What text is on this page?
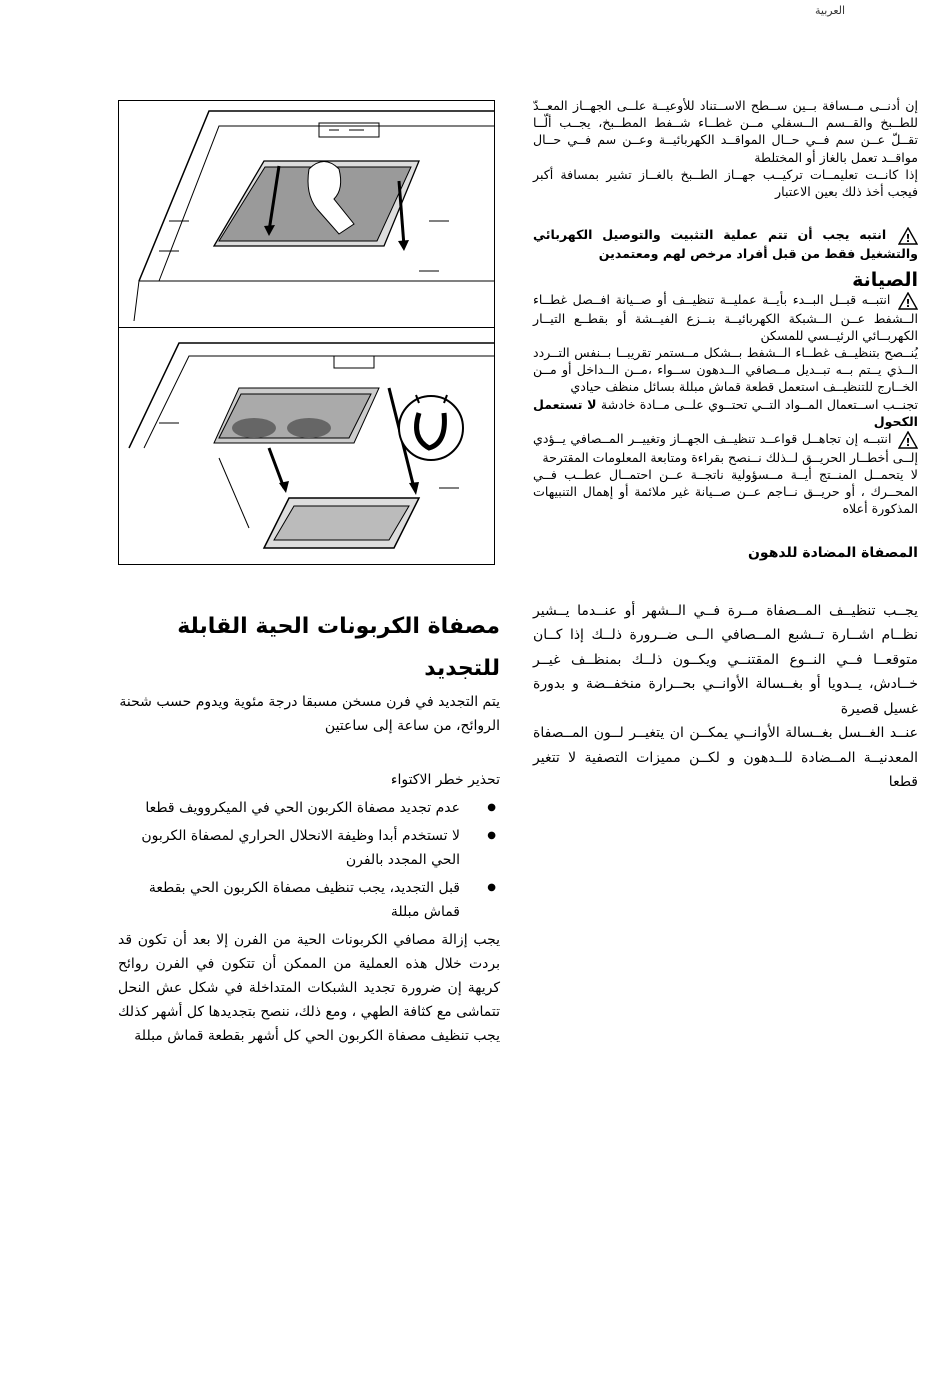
العربية

إن أدنــى مــسافة بــين ســطح الاســتناد للأوعيــة علــى الجهــاز المعــدّ للطــبخ والقــسم الــسفلي مــن غطــاء شــفط المطــبخ، يجــب ألّــا تقــلّ عــن سم فــي حــال المواقــد الكهربائيــة وعــن سم فــي حــال مواقــد تعمل بالغاز أو المختلطة

إذا كانــت تعليمــات تركيــب جهــاز الطــبخ بالغــاز تشير بمسافة أكبر فيجب أخذ ذلك بعين الاعتبار

!
انتبه يجب أن تتم عملية التثبيت والتوصيل الكهربائي والتشغيل فقط من قبل أفراد مرخص لهم ومعتمدين

الصيانة

!
انتبــه قبــل البــدء بأيــة عمليــة تنظيــف أو صــيانة افــصل غطــاء الــشفط عــن الــشبكة الكهربائيــة بنــزع الفيــشة أو بقطــع التيــار الكهربــائي الرئيــسي للمسكن

يُنــصح بتنظيــف غطــاء الــشفط بــشكل مــستمر تقريبــا بــنفس التــردد الــذي يــتم بــه تبــديل مــصافي الــدهون ســواء ،مــن الــداخل أو مــن الخــارج للتنظيــف استعمل قطعة قماش مبللة بسائل منظف حيادي

تجنــب اســتعمال المــواد التــي تحتــوي علــى مــادة خادشة لا تستعمل الكحول

!
انتبــه إن تجاهــل قواعــد تنظيــف الجهــاز وتغييــر المــصافي يــؤدي إلــى أخطــار الحريــق لــذلك نــنصح بقراءة ومتابعة المعلومات المقترحة

لا يتحمــل المنــتج أيــة مــسؤولية ناتجــة عــن احتمــال عطــب فــي المحــرك ، أو حريــق نــاجم عــن صــيانة غير ملائمة أو إهمال التنبيهات المذكورة أعلاه

المصفاة المضادة للدهون

يجــب تنظيــف المــصفاة مــرة فــي الــشهر أو عنــدما يــشير نظــام اشــارة تــشبع المــصافي الــى ضــرورة ذلــك إذا كــان متوقعــا فــي النــوع المقتنــي ويكــون ذلــك بمنظــف غيــر خــادش، يــدويا أو بغــسالة الأوانــي بحــرارة منخفــضة و بدورة غسيل قصيرة

عنــد الغــسل بغــسالة الأوانــي يمكــن ان يتغيــر لــون المــصفاة المعدنيــة المــضادة للــدهون و لكــن مميزات التصفية لا تتغير قطعا

مصفاة الكربونات الحية القابلة للتجديد

يتم التجديد في فرن مسخن مسبقا درجة مئوية ويدوم حسب شحنة الروائح، من ساعة إلى ساعتين

تحذير خطر الاكتواء

● عدم تجديد مصفاة الكربون الحي في الميكروويف قطعا
● لا تستخدم أبدا وظيفة الانحلال الحراري لمصفاة الكربون الحي المجدد بالفرن
● قبل التجديد، يجب تنظيف مصفاة الكربون الحي بقطعة قماش مبللة

يجب إزالة مصافي الكربونات الحية من الفرن إلا بعد أن تكون قد بردت خلال هذه العملية من الممكن أن تتكون في الفرن روائح كريهة إن ضرورة تجديد الشبكات المتداخلة في شكل عش النحل تتماشى مع كثافة الطهي ، ومع ذلك، ننصح بتجديدها كل أشهر كذلك يجب تنظيف مصفاة الكربون الحي كل أشهر بقطعة قماش مبللة
